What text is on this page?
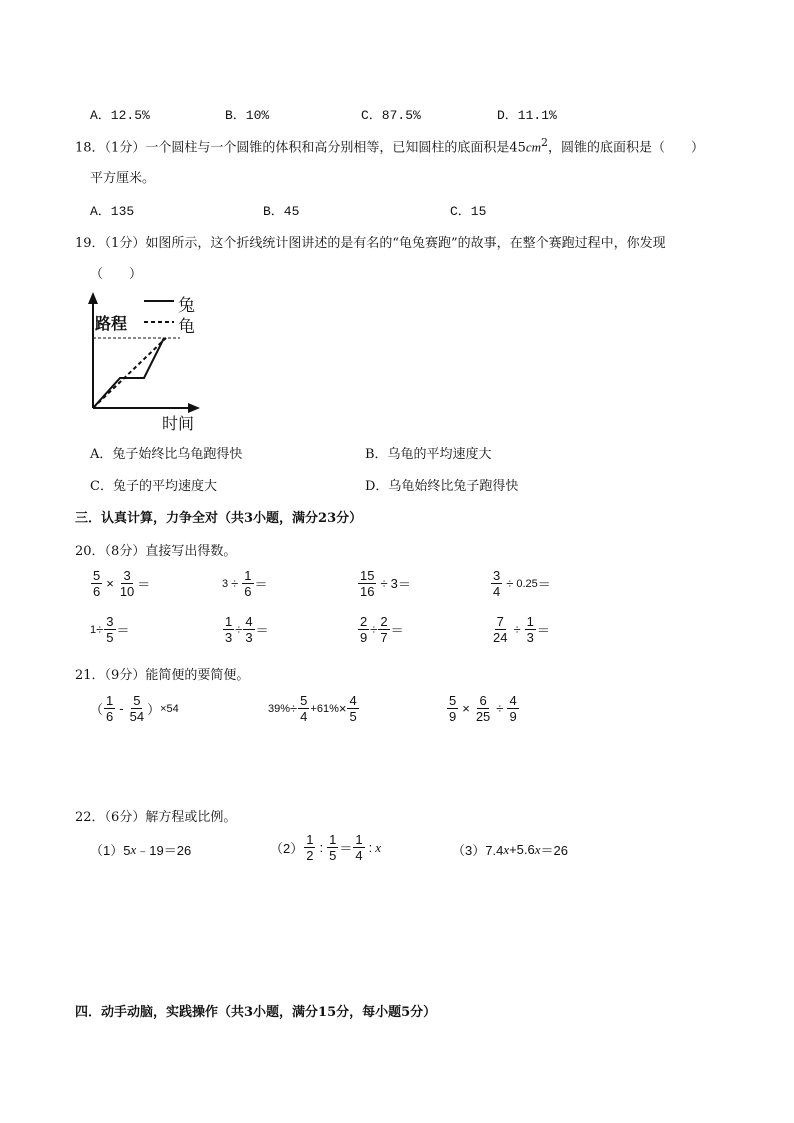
A．12.5%	B．10%	C．87.5%	D．11.1%
18．（1分）一个圆柱与一个圆锥的体积和高分别相等，已知圆柱的底面积是$45cm^2$，圆锥的底面积是（　　）
平方厘米。
A．135	B．45	C．15
19．（1分）如图所示，这个折线统计图讲述的是有名的“龟兔赛跑”的故事，在整个赛跑过程中，你发现
（　　）
路程
兔
龟
时间
A．兔子始终比乌龟跑得快	B．乌龟的平均速度大
C．兔子的平均速度大	D．乌龟始终比兔子跑得快
三．认真计算，力争全对（共3小题，满分23分）
20．（8分）直接写出得数。
$\frac{5}{6} \times \frac{3}{10}$ ＝	$3 \div \frac{1}{6}$ ＝	$\frac{15}{16} \div 3$ ＝	$\frac{3}{4} \div 0.25$ ＝
$1 \div \frac{3}{5}$ ＝	$\frac{1}{3} \div \frac{4}{3}$ ＝	$\frac{2}{9} \div \frac{2}{7}$ ＝	$\frac{7}{24} \div \frac{1}{3}$ ＝
21．（9分）能简便的要简便。
（ $\frac{1}{6} - \frac{5}{54}$ ） ×54	$39\% \div \frac{5}{4} +61\% \times \frac{4}{5}$	$\frac{5}{9} \times \frac{6}{25} \div \frac{4}{9}$
22．（6分）解方程或比例。
（1）5 x ﹣19＝26	$(2) \frac{1}{2}$ : $\frac{1}{5} = \frac{1}{4}$ : x	（3）7.4 x +5.6 x ＝26
四．动手动脑，实践操作（共3小题，满分15分，每小题5分）
